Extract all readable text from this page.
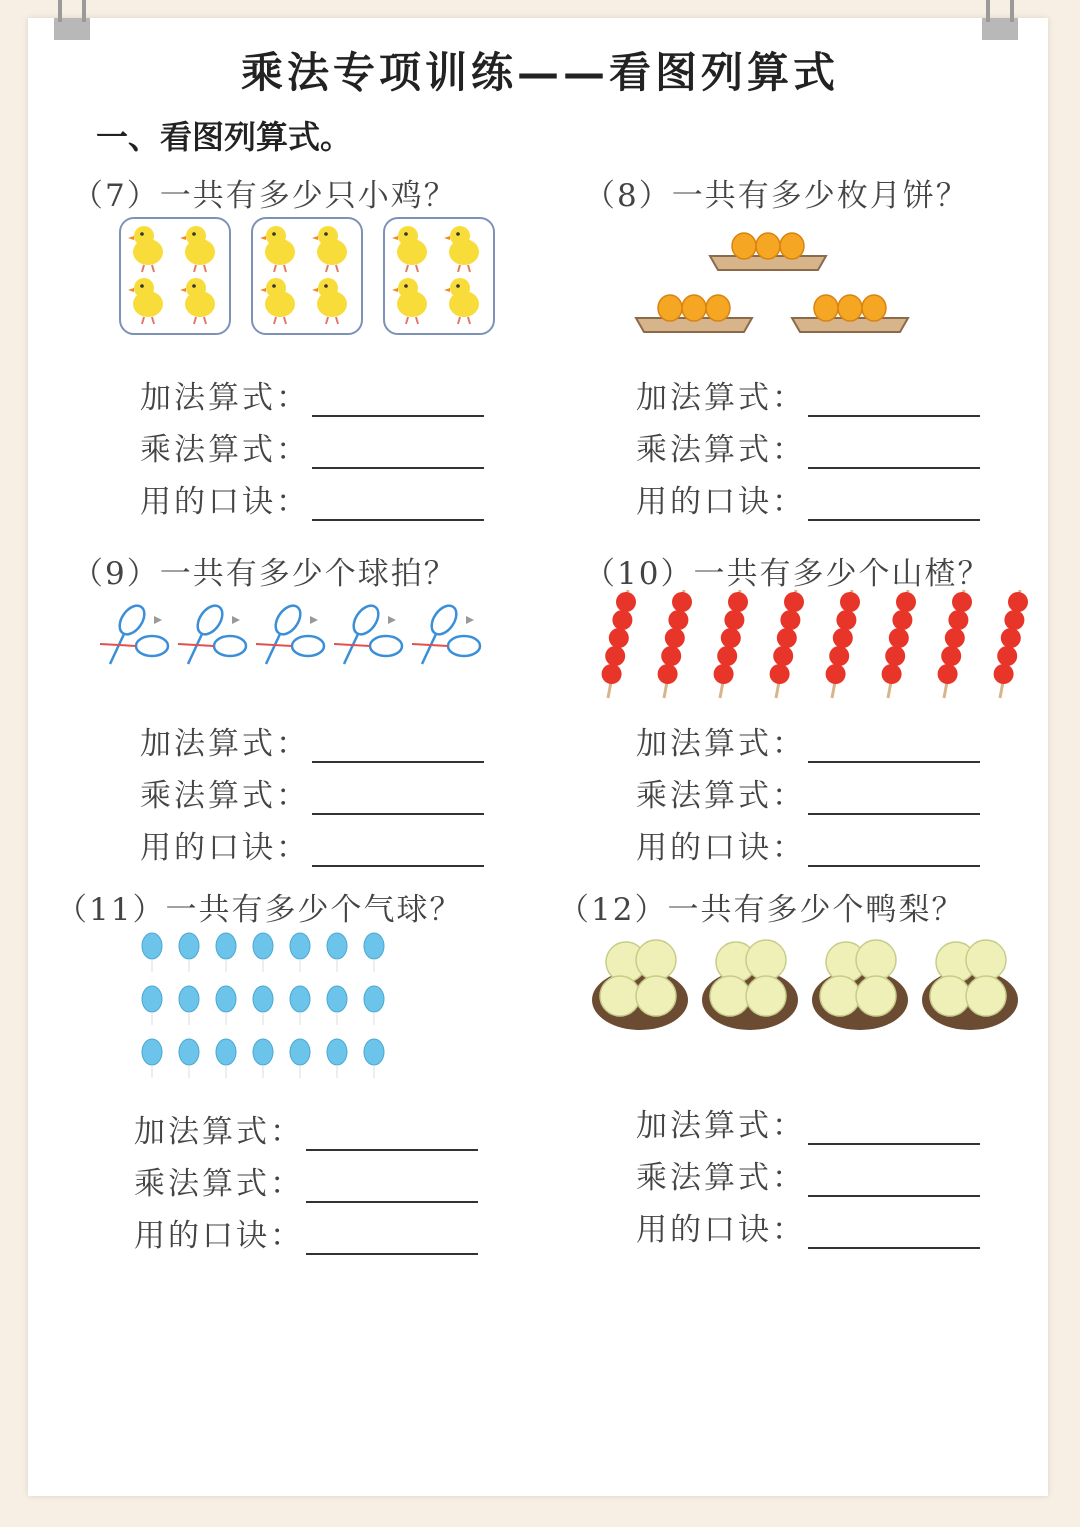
乘法专项训练——看图列算式
一、看图列算式。
（7）一共有多少只小鸡？	（8）一共有多少枚月饼？
（9）一共有多少个球拍？	（10）一共有多少个山楂？
（11）一共有多少个气球？	（12）一共有多少个鸭梨？
加法算式：
乘法算式：
用的口诀：
加法算式：
乘法算式：
用的口诀：
加法算式：
乘法算式：
用的口诀：
加法算式：
乘法算式：
用的口诀：
加法算式：
乘法算式：
用的口诀：
加法算式：
乘法算式：
用的口诀：
